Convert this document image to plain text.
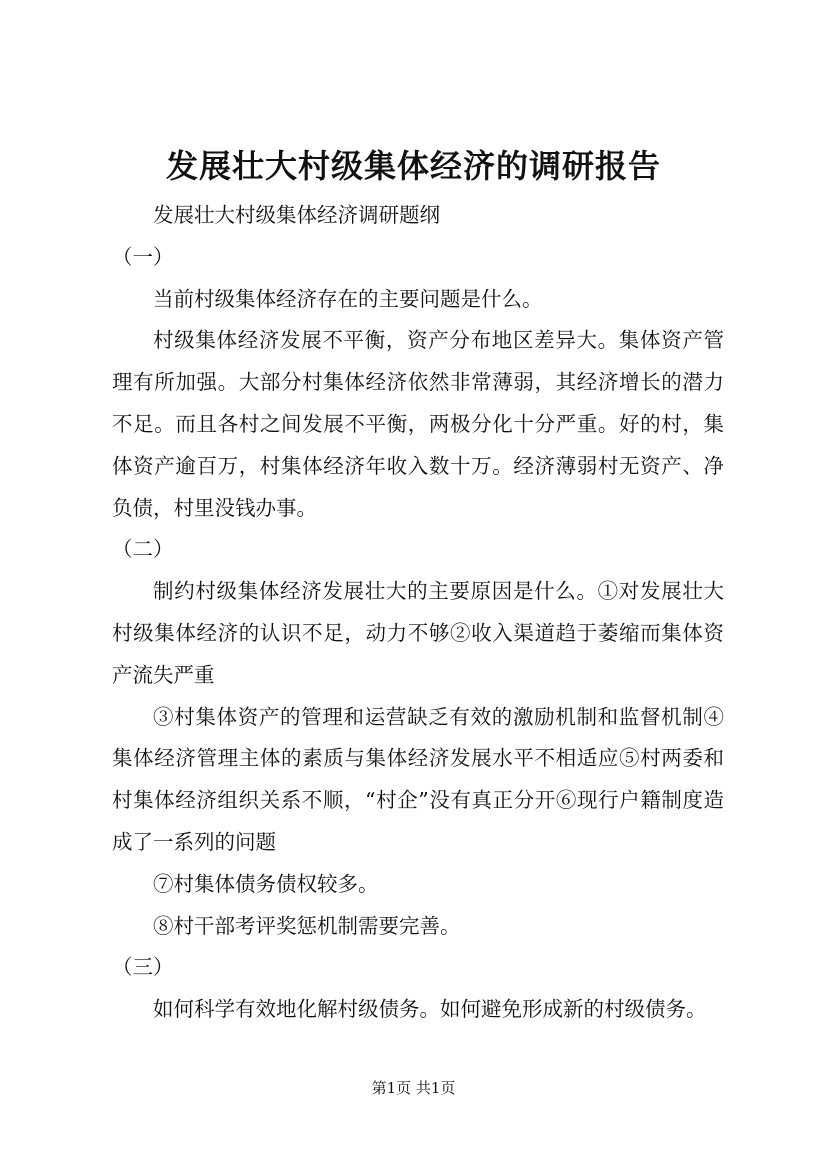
发展壮大村级集体经济的调研报告

发展壮大村级集体经济调研题纲

（一）

当前村级集体经济存在的主要问题是什么。

村级集体经济发展不平衡，资产分布地区差异大。集体资产管理有所加强。大部分村集体经济依然非常薄弱，其经济增长的潜力不足。而且各村之间发展不平衡，两极分化十分严重。好的村，集体资产逾百万，村集体经济年收入数十万。经济薄弱村无资产、净负债，村里没钱办事。

（二）

制约村级集体经济发展壮大的主要原因是什么。①对发展壮大村级集体经济的认识不足，动力不够②收入渠道趋于萎缩而集体资产流失严重

③村集体资产的管理和运营缺乏有效的激励机制和监督机制④集体经济管理主体的素质与集体经济发展水平不相适应⑤村两委和村集体经济组织关系不顺，“村企”没有真正分开⑥现行户籍制度造成了一系列的问题

⑦村集体债务债权较多。

⑧村干部考评奖惩机制需要完善。

（三）

如何科学有效地化解村级债务。如何避免形成新的村级债务。

第1页 共1页
